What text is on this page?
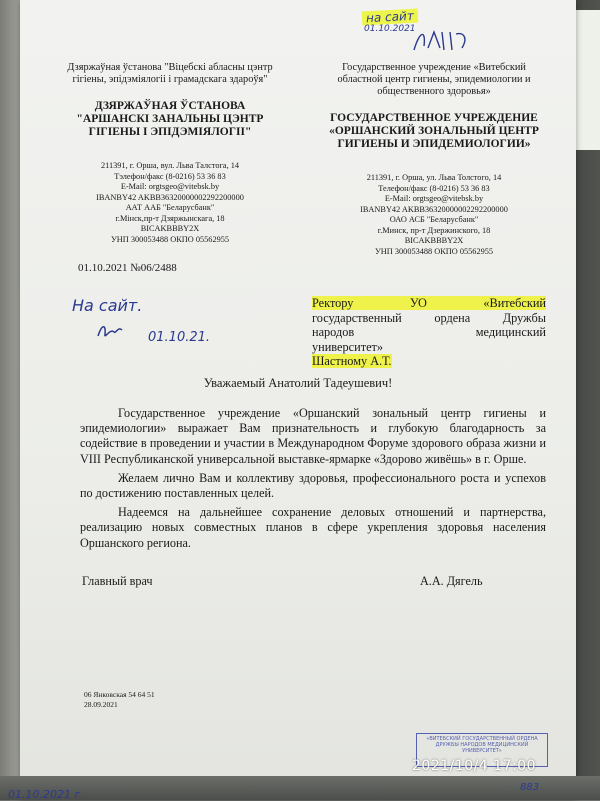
Дзяржаўная ўстанова "Віцебскі абласны цэнтр гігіены, эпідэміялогіі і грамадскага здароўя"
ДЗЯРЖАЎНАЯ ЎСТАНОВА "АРШАНСКІ ЗАНАЛЬНЫ ЦЭНТР ГІГІЕНЫ І ЭПІДЭМІЯЛОГІІ"
211391, г. Орша, вул. Льва Талстога, 14
Тэлефон/факс (8-0216) 53 36 83
E-Mail: orgtsgeo@vitebsk.by
IBANBY42 AKBB36320000002292200000
ААТ ААБ "Беларусбанк"
г.Мінск,пр-т Дзяржынскага, 18
BICAKBBBY2X
УНП 300053488 ОКПО 05562955
Государственное учреждение «Витебский областной центр гигиены, эпидемиологии и общественного здоровья»
ГОСУДАРСТВЕННОЕ УЧРЕЖДЕНИЕ «ОРШАНСКИЙ ЗОНАЛЬНЫЙ ЦЕНТР ГИГИЕНЫ И ЭПИДЕМИОЛОГИИ»
211391, г. Орша, ул. Льва Толстого, 14
Телефон/факс (8-0216) 53 36 83
E-Mail: orgtsgeo@vitebsk.by
IBANBY42 AKBB36320000002292200000
ОАО АСБ "Беларусбанк"
г.Минск, пр-т Дзержинского, 18
BICAKBBBY2X
УНП 300053488 ОКПО 05562955
01.10.2021 №06/2488
На сайт.
01.10.21.
на сайт
01.10.2021
Ректору УО «Витебский
государственный ордена Дружбы
народов медицинский
университет»
Шастному А.Т.
Уважаемый Анатолий Тадеушевич!

Государственное учреждение «Оршанский зональный центр гигиены и эпидемиологии» выражает Вам признательность и глубокую благодарность за содействие в проведении и участии в Международном Форуме здорового образа жизни и VIII Республиканской универсальной выставке-ярмарке «Здорово живёшь» в г. Орше.

Желаем лично Вам и коллективу здоровья, профессионального роста и успехов по достижению поставленных целей.

Надеемся на дальнейшее сохранение деловых отношений и партнерства, реализацию новых совместных планов в сфере укрепления здоровья населения Оршанского региона.

Главный врач	А.А. Дягель
06 Янковская 54 64 51
28.09.2021
«ВИТЕБСКИЙ ГОСУДАРСТВЕННЫЙ ОРДЕНА ДРУЖБЫ НАРОДОВ МЕДИЦИНСКИЙ УНИВЕРСИТЕТ»
01.10.2021 г
883
2021/10/4 17:00
